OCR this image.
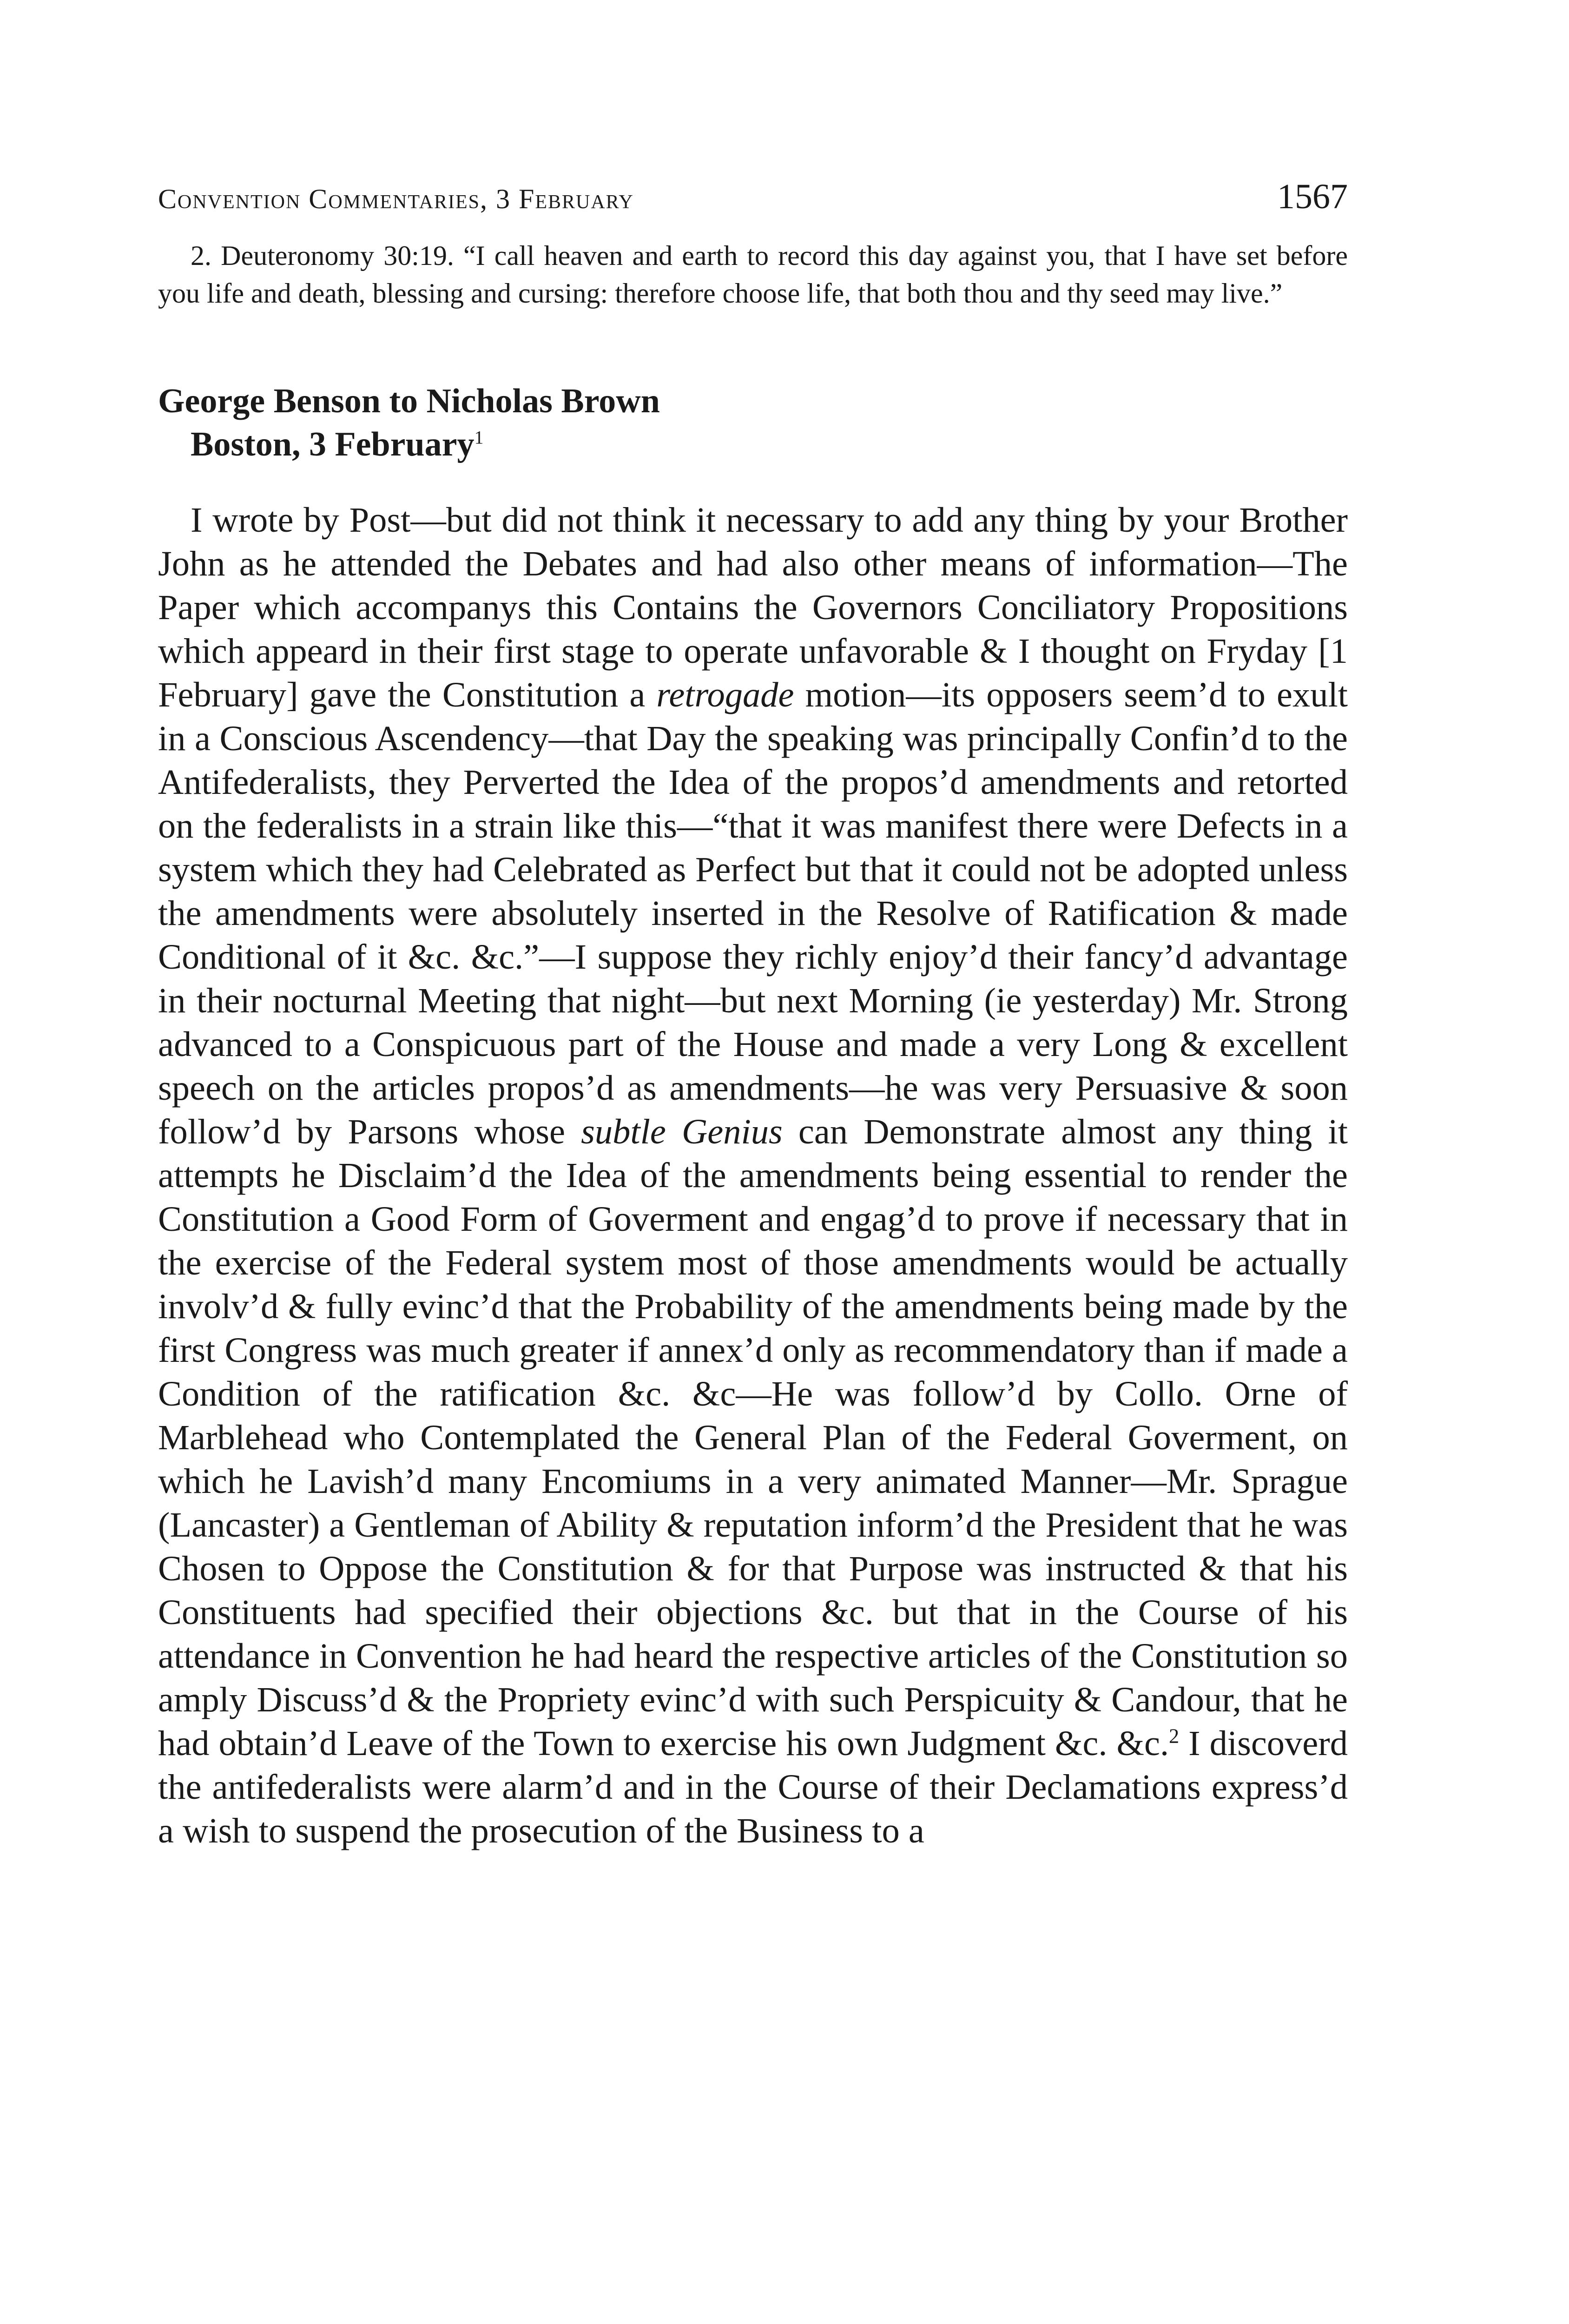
Convention Commentaries, 3 February	1567

2. Deuteronomy 30:19. “I call heaven and earth to record this day against you, that I have set before you life and death, blessing and cursing: therefore choose life, that both thou and thy seed may live.”

George Benson to Nicholas Brown
Boston, 3 February$^1$

I wrote by Post—but did not think it necessary to add any thing by your Brother John as he attended the Debates and had also other means of information—The Paper which accompanys this Contains the Governors Conciliatory Propositions which appeard in their first stage to operate unfavorable & I thought on Fryday [1 February] gave the Constitution a retrogade motion—its opposers seem’d to exult in a Conscious Ascendency—that Day the speaking was principally Confin’d to the Antifederalists, they Perverted the Idea of the propos’d amendments and retorted on the federalists in a strain like this—“that it was manifest there were Defects in a system which they had Celebrated as Perfect but that it could not be adopted unless the amendments were absolutely inserted in the Resolve of Ratification & made Conditional of it &c. &c.”—I suppose they richly enjoy’d their fancy’d advantage in their nocturnal Meeting that night—but next Morning (ie yesterday) Mr. Strong advanced to a Conspicuous part of the House and made a very Long & excellent speech on the articles propos’d as amendments—he was very Persuasive & soon follow’d by Parsons whose subtle Genius can Demonstrate almost any thing it attempts he Disclaim’d the Idea of the amendments being essential to render the Constitution a Good Form of Goverment and engag’d to prove if necessary that in the exercise of the Federal system most of those amendments would be actually involv’d & fully evinc’d that the Probability of the amendments being made by the first Congress was much greater if annex’d only as recommendatory than if made a Condition of the ratification &c. &c—He was follow’d by Collo. Orne of Marblehead who Contemplated the General Plan of the Federal Goverment, on which he Lavish’d many Encomiums in a very animated Manner—Mr. Sprague (Lancaster) a Gentleman of Ability & reputation inform’d the President that he was Chosen to Oppose the Constitution & for that Purpose was instructed & that his Constituents had specified their objections &c. but that in the Course of his attendance in Convention he had heard the respective articles of the Constitution so amply Discuss’d & the Propriety evinc’d with such Perspicuity & Candour, that he had obtain’d Leave of the Town to exercise his own Judgment &c. &c.$^2$ I discoverd the antifederalists were alarm’d and in the Course of their Declamations express’d a wish to suspend the prosecution of the Business to a
